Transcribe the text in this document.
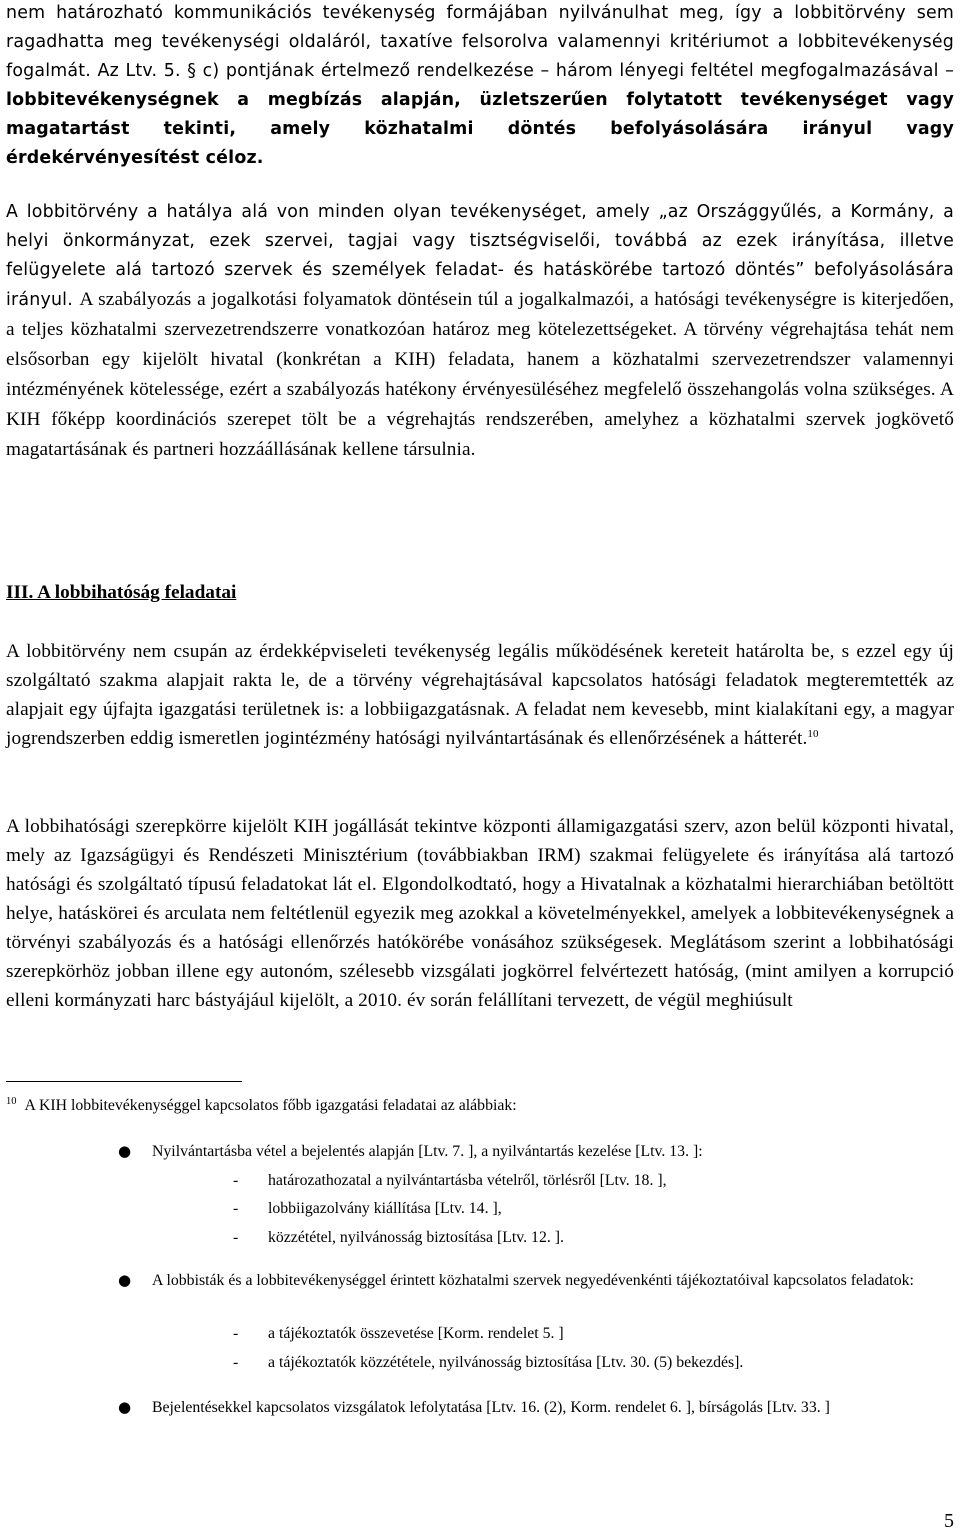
nem határozható kommunikációs tevékenység formájában nyilvánulhat meg, így a lobbitörvény sem ragadhatta meg tevékenységi oldaláról, taxatíve felsorolva valamennyi kritériumot a lobbitevékenység fogalmát. Az Ltv. 5. § c) pontjának értelmező rendelkezése – három lényegi feltétel megfogalmazásával – lobbitevékenységnek a megbízás alapján, üzletszerűen folytatott tevékenységet vagy magatartást tekinti, amely közhatalmi döntés befolyásolására irányul vagy érdekérvényesítést céloz.

A lobbitörvény a hatálya alá von minden olyan tevékenységet, amely „az Országgyűlés, a Kormány, a helyi önkormányzat, ezek szervei, tagjai vagy tisztségviselői, továbbá az ezek irányítása, illetve felügyelete alá tartozó szervek és személyek feladat- és hatáskörébe tartozó döntés” befolyásolására irányul. A szabályozás a jogalkotási folyamatok döntésein túl a jogalkalmazói, a hatósági tevékenységre is kiterjedően, a teljes közhatalmi szervezetrendszerre vonatkozóan határoz meg kötelezettségeket. A törvény végrehajtása tehát nem elsősorban egy kijelölt hivatal (konkrétan a KIH) feladata, hanem a közhatalmi szervezetrendszer valamennyi intézményének kötelessége, ezért a szabályozás hatékony érvényesüléséhez megfelelő összehangolás volna szükséges. A KIH főképp koordinációs szerepet tölt be a végrehajtás rendszerében, amelyhez a közhatalmi szervek jogkövető magatartásának és partneri hozzáállásának kellene társulnia.

III. A lobbihatóság feladatai

A lobbitörvény nem csupán az érdekképviseleti tevékenység legális működésének kereteit határolta be, s ezzel egy új szolgáltató szakma alapjait rakta le, de a törvény végrehajtásával kapcsolatos hatósági feladatok megteremtették az alapjait egy újfajta igazgatási területnek is: a lobbiigazgatásnak. A feladat nem kevesebb, mint kialakítani egy, a magyar jogrendszerben eddig ismeretlen jogintézmény hatósági nyilvántartásának és ellenőrzésének a hátterét.$^{10}$

A lobbihatósági szerepkörre kijelölt KIH jogállását tekintve központi államigazgatási szerv, azon belül központi hivatal, mely az Igazságügyi és Rendészeti Minisztérium (továbbiakban IRM) szakmai felügyelete és irányítása alá tartozó hatósági és szolgáltató típusú feladatokat lát el. Elgondolkodtató, hogy a Hivatalnak a közhatalmi hierarchiában betöltött helye, hatáskörei és arculata nem feltétlenül egyezik meg azokkal a követelményekkel, amelyek a lobbitevékenységnek a törvényi szabályozás és a hatósági ellenőrzés hatókörébe vonásához szükségesek. Meglátásom szerint a lobbihatósági szerepkörhöz jobban illene egy autonóm, szélesebb vizsgálati jogkörrel felvértezett hatóság, (mint amilyen a korrupció elleni kormányzati harc bástyájául kijelölt, a 2010. év során felállítani tervezett, de végül meghiúsult

$^{10}$ A KIH lobbitevékenységgel kapcsolatos főbb igazgatási feladatai az alábbiak:

● Nyilvántartásba vétel a bejelentés alapján [Ltv. 7. ], a nyilvántartás kezelése [Ltv. 13. ]:

- határozathozatal a nyilvántartásba vételről, törlésről [Ltv. 18. ],

- lobbiigazolvány kiállítása [Ltv. 14. ],

- közzététel, nyilvánosság biztosítása [Ltv. 12. ].

● A lobbisták és a lobbitevékenységgel érintett közhatalmi szervek negyedévenkénti tájékoztatóival kapcsolatos feladatok:

- a tájékoztatók összevetése [Korm. rendelet 5. ]

- a tájékoztatók közzététele, nyilvánosság biztosítása [Ltv. 30. (5) bekezdés].

● Bejelentésekkel kapcsolatos vizsgálatok lefolytatása [Ltv. 16. (2), Korm. rendelet 6. ], bírságolás [Ltv. 33. ]

5
